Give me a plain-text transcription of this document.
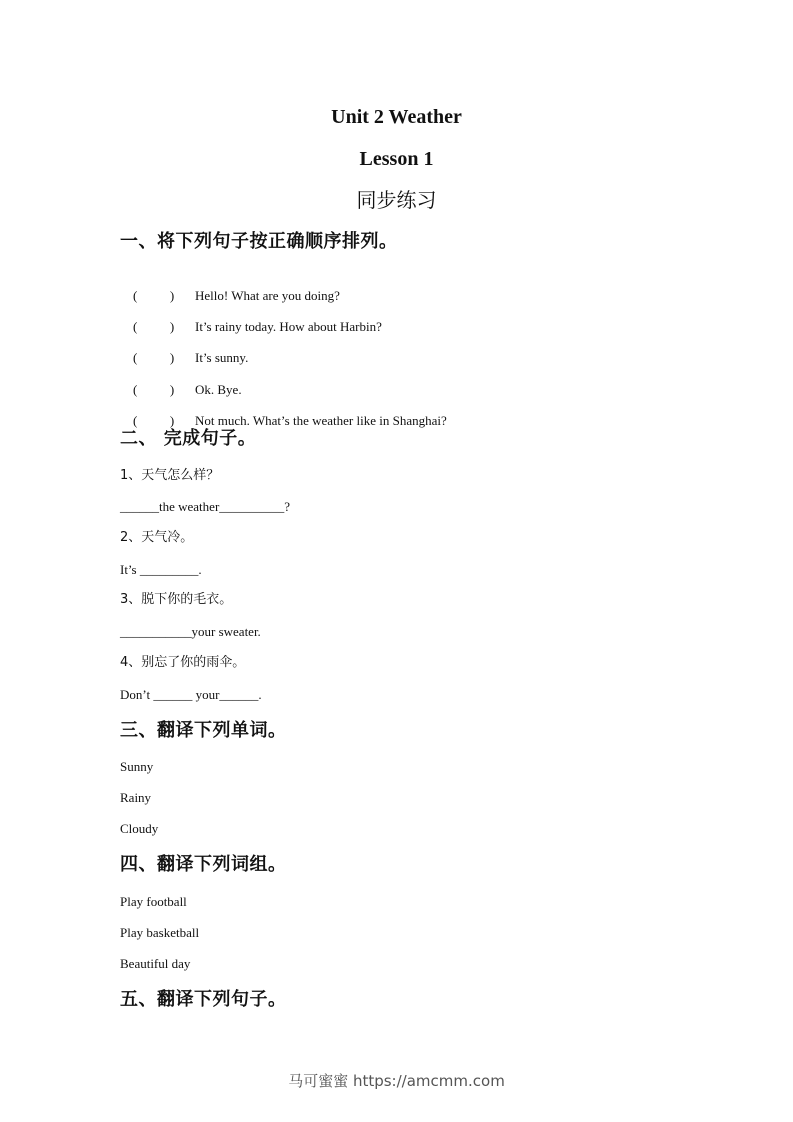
Unit 2 Weather
Lesson 1
同步练习
一、将下列句子按正确顺序排列。

(          ) Hello! What are you doing?

(          ) It’s rainy today. How about Harbin?

(          ) It’s sunny.

(          ) Ok. Bye.

(          ) Not much. What’s the weather like in Shanghai?

二、 完成句子。
1、天气怎么样？
______the weather__________?
2、天气冷。
It’s _________.
3、脱下你的毛衣。
___________your sweater.
4、别忘了你的雨伞。
Don’t ______ your______.
三、翻译下列单词。
Sunny
Rainy
Cloudy
四、翻译下列词组。
Play football
Play basketball
Beautiful day
五、翻译下列句子。
马可蜜蜜 https://amcmm.com
